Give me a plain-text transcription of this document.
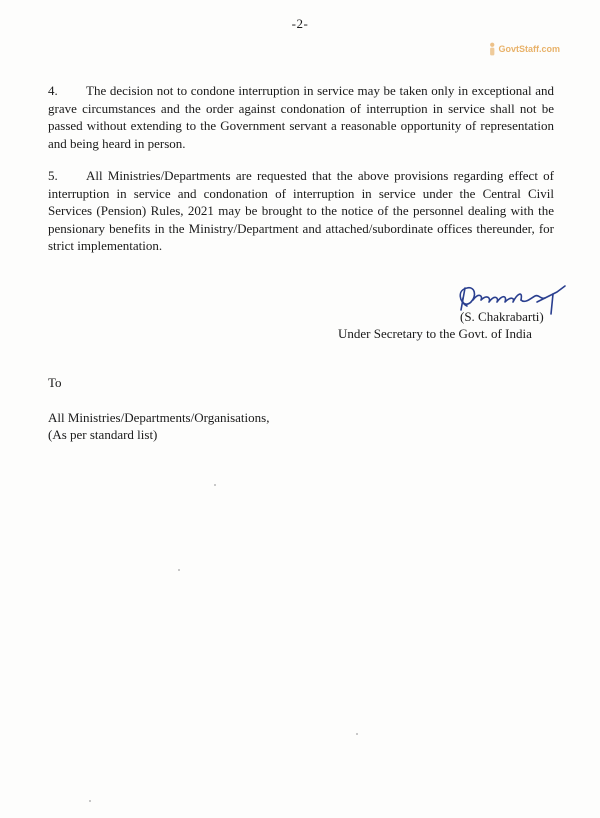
-2-
GovtStaff.com
4. The decision not to condone interruption in service may be taken only in exceptional and grave circumstances and the order against condonation of interruption in service shall not be passed without extending to the Government servant a reasonable opportunity of representation and being heard in person.
5. All Ministries/Departments are requested that the above provisions regarding effect of interruption in service and condonation of interruption in service under the Central Civil Services (Pension) Rules, 2021 may be brought to the notice of the personnel dealing with the pensionary benefits in the Ministry/Department and attached/subordinate offices thereunder, for strict implementation.
(S. Chakrabarti)
Under Secretary to the Govt. of India
To
All Ministries/Departments/Organisations,
(As per standard list)
